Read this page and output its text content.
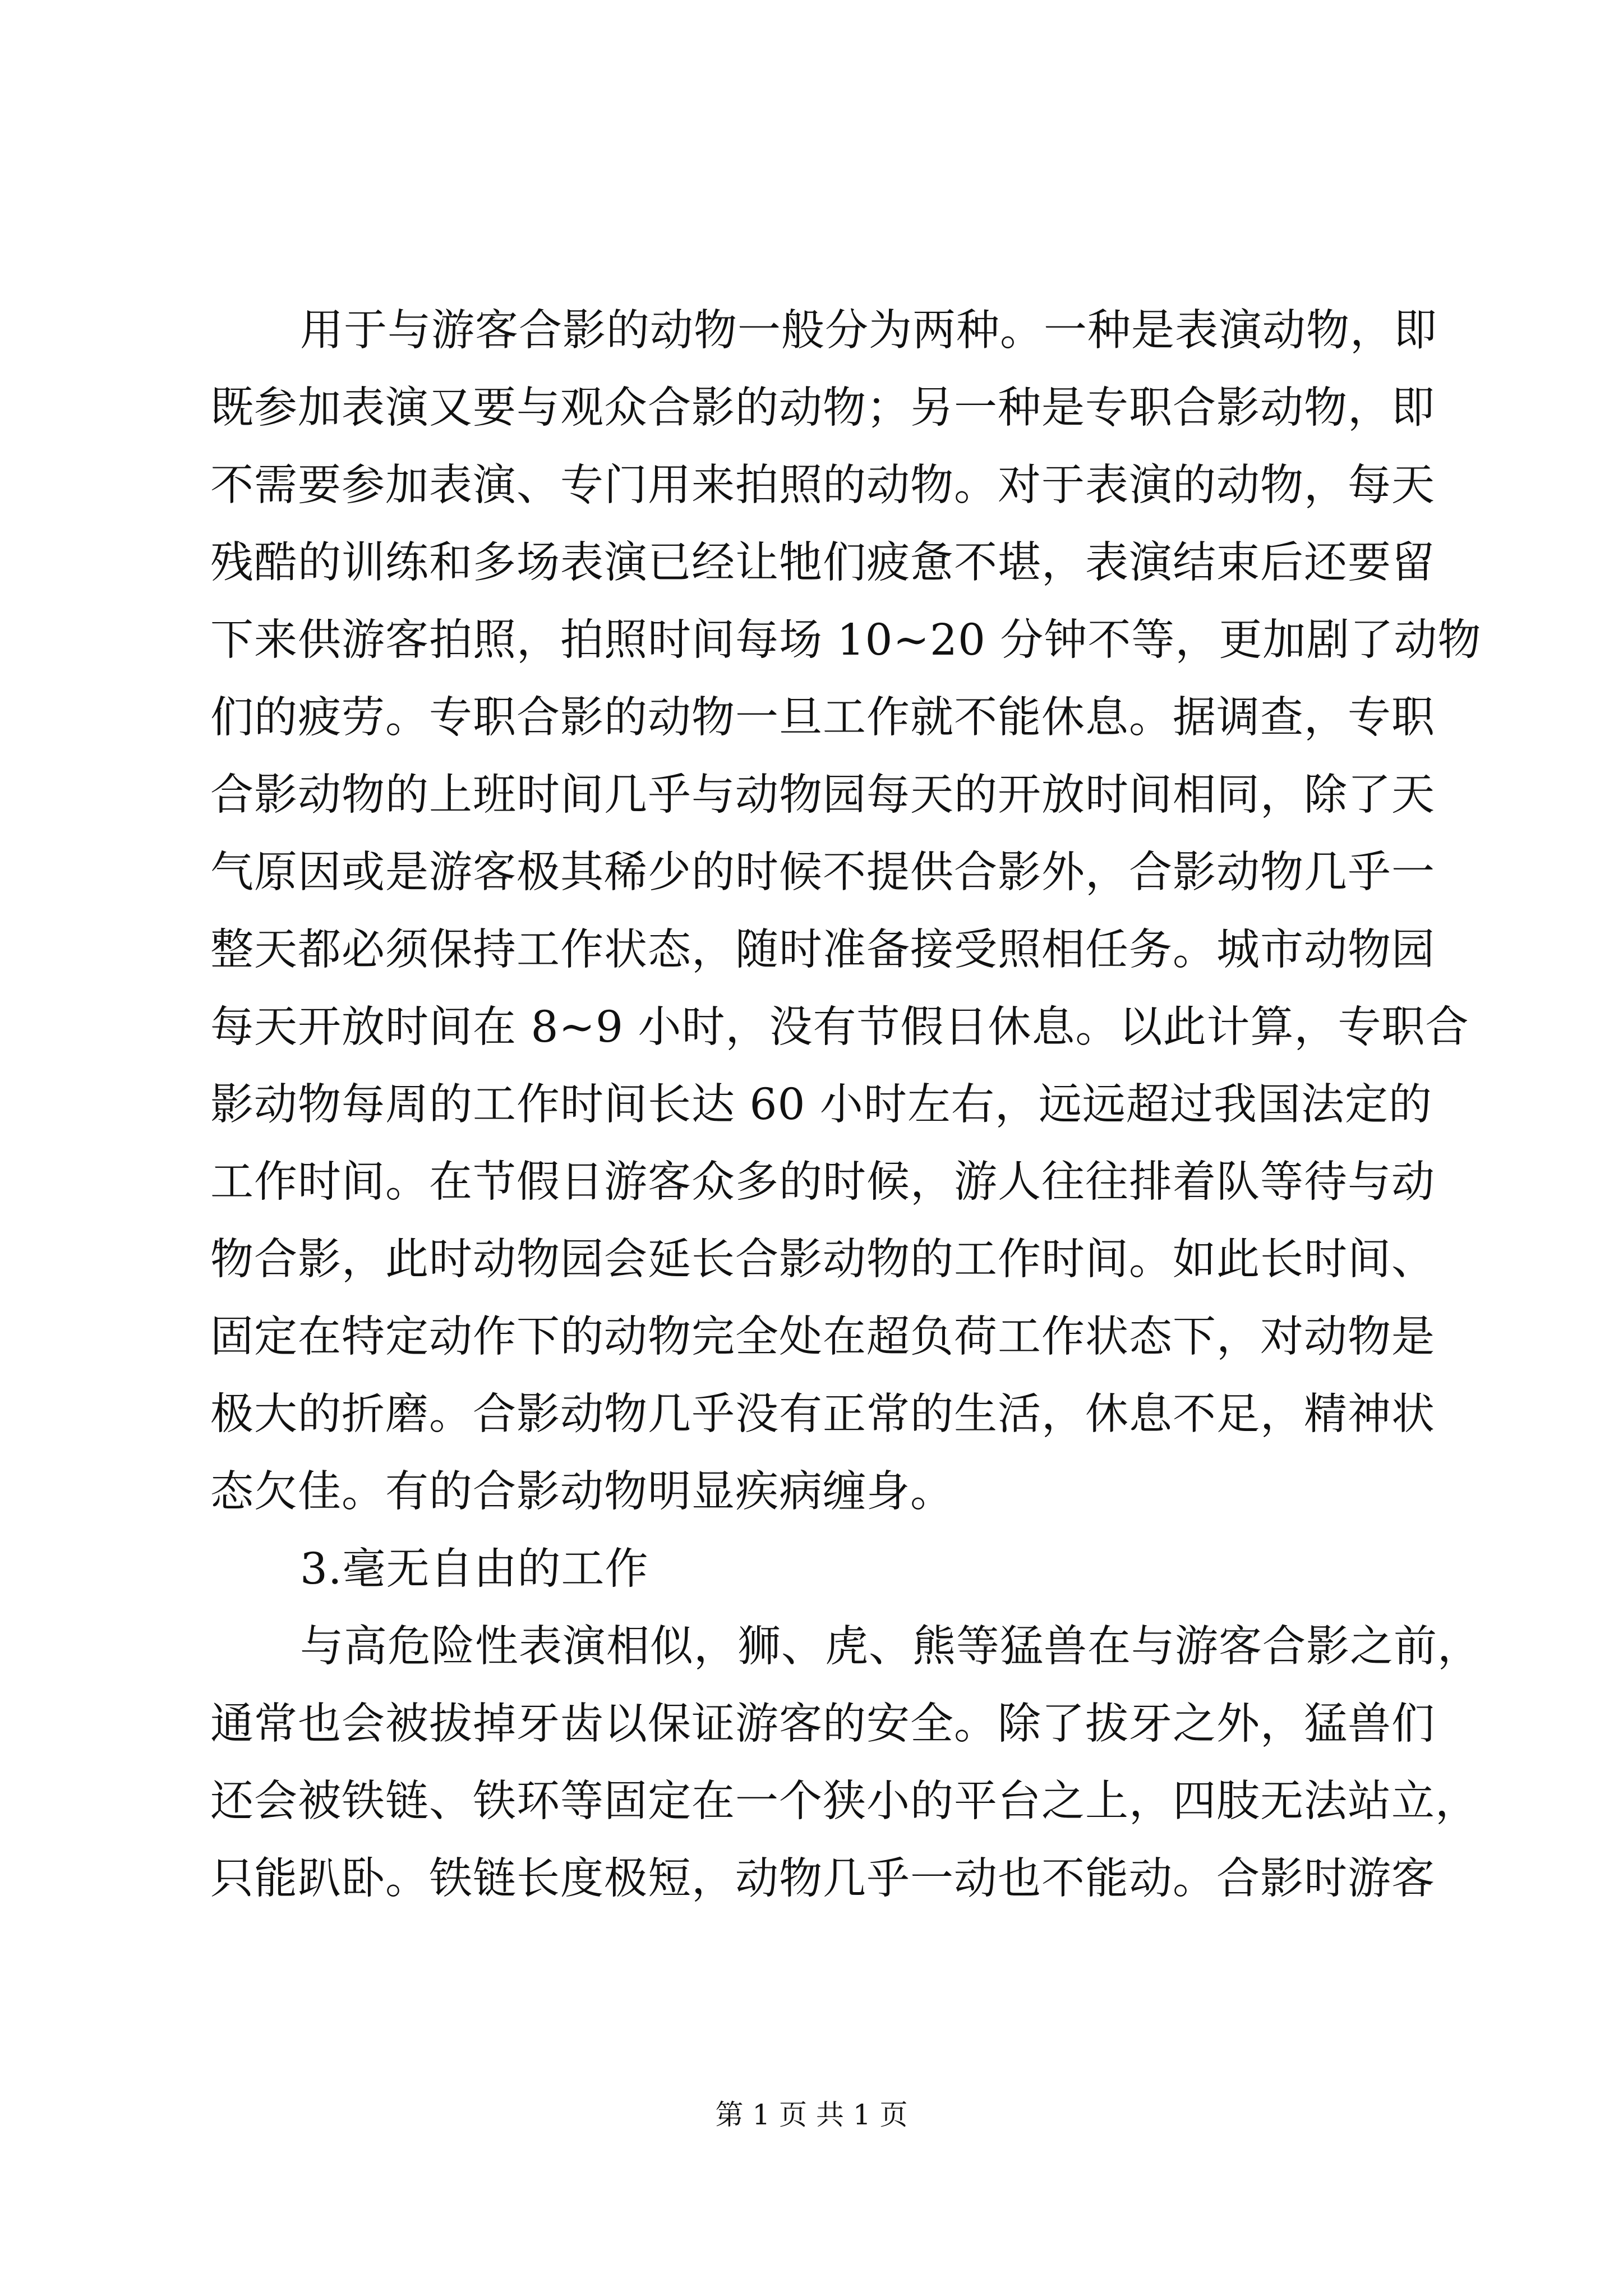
用于与游客合影的动物一般分为两种。一种是表演动物，即
既参加表演又要与观众合影的动物；另一种是专职合影动物，即
不需要参加表演、专门用来拍照的动物。对于表演的动物，每天
残酷的训练和多场表演已经让牠们疲惫不堪，表演结束后还要留
下来供游客拍照，拍照时间每场 10~20 分钟不等，更加剧了动物
们的疲劳。专职合影的动物一旦工作就不能休息。据调查，专职
合影动物的上班时间几乎与动物园每天的开放时间相同，除了天
气原因或是游客极其稀少的时候不提供合影外，合影动物几乎一
整天都必须保持工作状态，随时准备接受照相任务。城市动物园
每天开放时间在 8~9 小时，没有节假日休息。以此计算，专职合
影动物每周的工作时间长达 60 小时左右，远远超过我国法定的
工作时间。在节假日游客众多的时候，游人往往排着队等待与动
物合影，此时动物园会延长合影动物的工作时间。如此长时间、
固定在特定动作下的动物完全处在超负荷工作状态下，对动物是
极大的折磨。合影动物几乎没有正常的生活，休息不足，精神状
态欠佳。有的合影动物明显疾病缠身。
3.毫无自由的工作
与高危险性表演相似，狮、虎、熊等猛兽在与游客合影之前，
通常也会被拔掉牙齿以保证游客的安全。除了拔牙之外，猛兽们
还会被铁链、铁环等固定在一个狭小的平台之上，四肢无法站立，
只能趴卧。铁链长度极短，动物几乎一动也不能动。合影时游客
第 1 页 共 1 页
